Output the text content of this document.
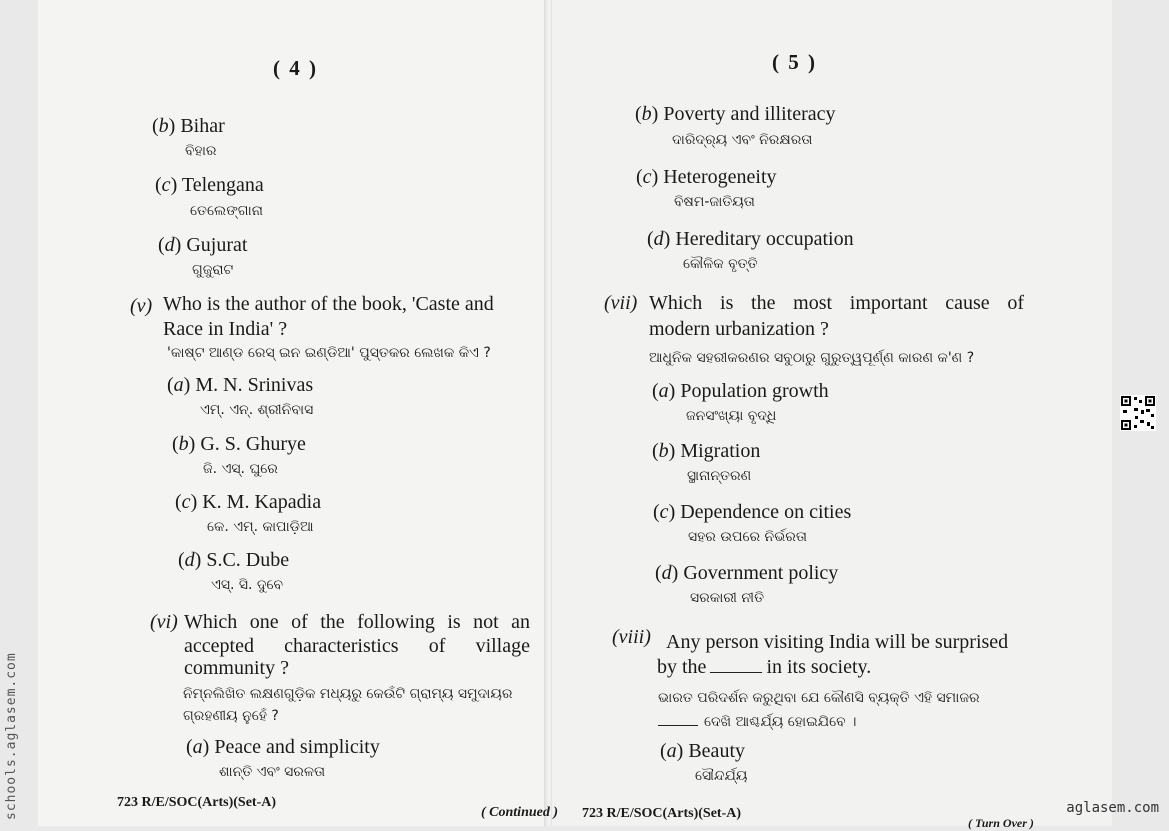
( 4 )
(b) Bihar
ବିହାର
(c) Telengana
ତେଲେଙ୍ଗାନା
(d) Gujurat
ଗୁଜୁରାଟ
(v) Who is the author of the book, 'Caste and
Race in India' ?
'କାଷ୍ଟ ଆଣ୍ଡ ରେସ୍ ଇନ ଇଣ୍ଡିଆ' ପୁସ୍ତକର ଲେଖକ କିଏ ?
(a) M. N. Srinivas
ଏମ୍. ଏନ୍. ଶ୍ରୀନିବାସ
(b) G. S. Ghurye
ଜି. ଏସ୍. ଘୁରେ
(c) K. M. Kapadia
କେ. ଏମ୍. କାପାଡ଼ିଆ
(d) S.C. Dube
ଏସ୍. ସି. ଦୁବେ
(vi) Which one of the following is not an
accepted characteristics of village
community ?
ନିମ୍ନଲିଖିତ ଲକ୍ଷଣଗୁଡ଼ିକ ମଧ୍ୟରୁ କେଉଁଟି ଗ୍ରାମ୍ୟ ସମୁଦାୟର
ଗ୍ରହଣୀୟ ନୁହେଁ ?
(a) Peace and simplicity
ଶାନ୍ତି ଏବଂ ସରଳତା
723 R/E/SOC(Arts)(Set-A)
( Continued )
( 5 )
(b) Poverty and illiteracy
ଦାରିଦ୍ର୍ୟ ଏବଂ ନିରକ୍ଷରତା
(c) Heterogeneity
ବିଷମ-ଜାତିୟତା
(d) Hereditary occupation
କୌଳିକ ବୃତ୍ତି
(vii) Which is the most important cause of
modern urbanization ?
ଆଧୁନିକ ସହରୀକରଣର ସବୁଠାରୁ ଗୁରୁତ୍ୱପୂର୍ଣ୍ଣ କାରଣ କ'ଣ ?
(a) Population growth
ଜନସଂଖ୍ୟା ବୃଦ୍ଧି
(b) Migration
ସ୍ଥାନାନ୍ତରଣ
(c) Dependence on cities
ସହର ଉପରେ ନିର୍ଭରତା
(d) Government policy
ସରକାରୀ ନୀତି
(viii) Any person visiting India will be surprised
by the	in its society.
ଭାରତ ପରିଦର୍ଶନ କରୁଥିବା ଯେ କୌଣସି ବ୍ୟକ୍ତି ଏହି ସମାଜର
ଦେଖି ଆଶ୍ଚର୍ଯ୍ୟ ହୋଇଯିବେ ।
(a) Beauty
ସୌନ୍ଦର୍ଯ୍ୟ
723 R/E/SOC(Arts)(Set-A)
( Turn Over )
schools.aglasem.com	aglasem.com
